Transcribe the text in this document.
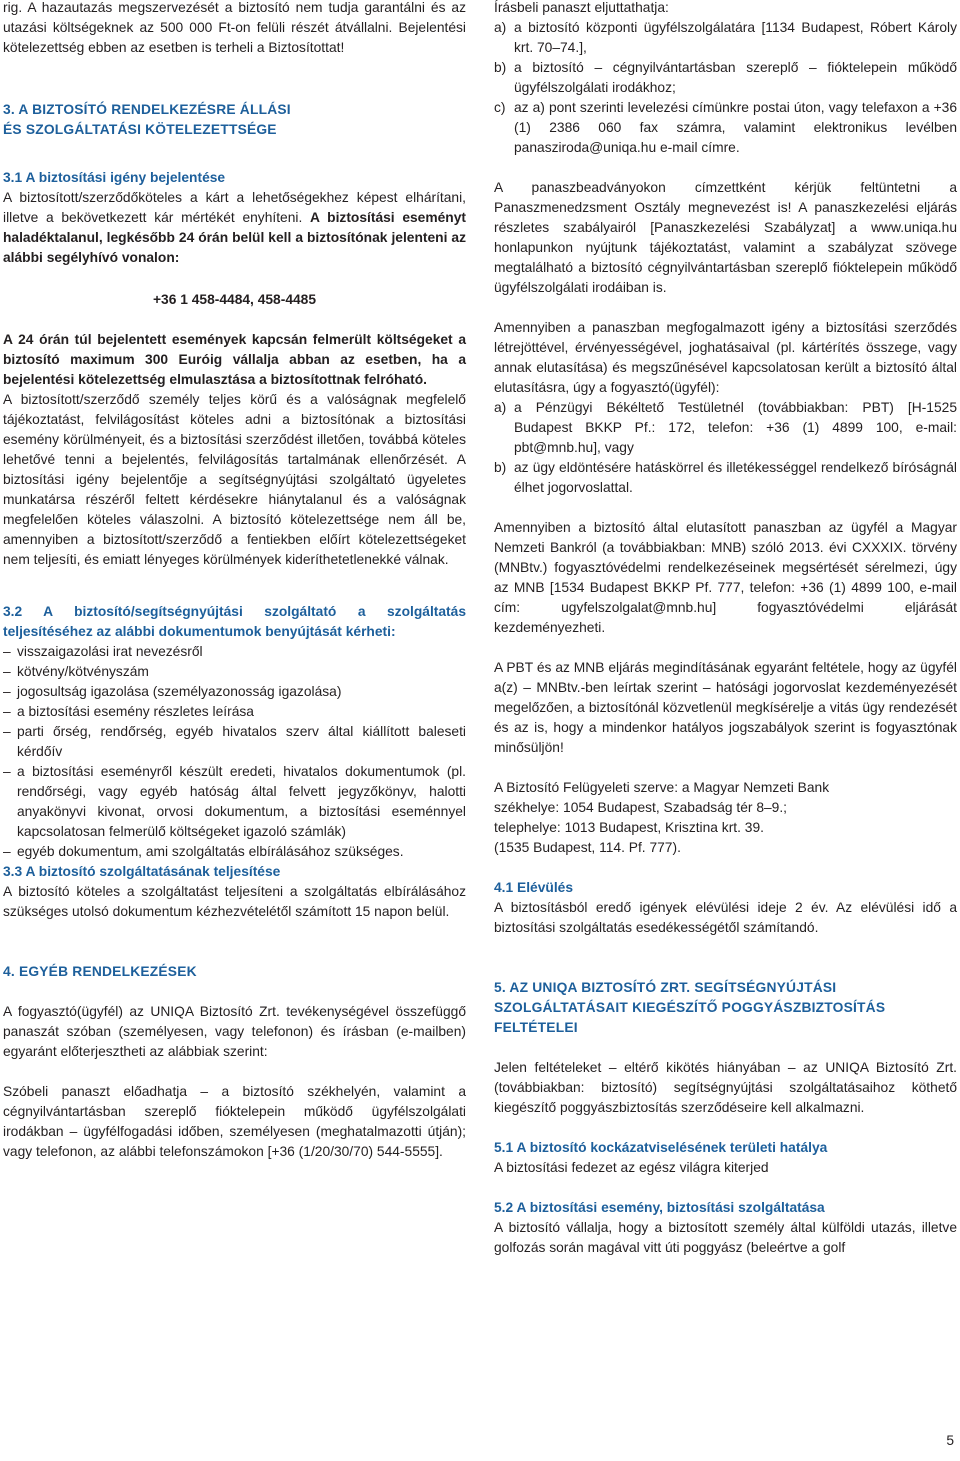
rig. A hazautazás megszervezését a biztosító nem tudja garantálni és az utazási költségeknek az 500 000 Ft-on felüli részét átvállalni. Bejelentési kötelezettség ebben az esetben is terheli a Biztosítottat!

3. A BIZTOSÍTÓ RENDELKEZÉSRE ÁLLÁSI
ÉS SZOLGÁLTATÁSI KÖTELEZETTSÉGE
3.1 A biztosítási igény bejelentése

A biztosított/szerződőköteles a kárt a lehetőségekhez képest elhárítani, illetve a bekövetkezett kár mértékét enyhíteni. A biztosítási eseményt haladéktalanul, legkésőbb 24 órán belül kell a biztosítónak jelenteni az alábbi segélyhívó vonalon:

+36 1 458-4484, 458-4485

A 24 órán túl bejelentett események kapcsán felmerült költségeket a biztosító maximum 300 Euróig vállalja abban az esetben, ha a bejelentési kötelezettség elmulasztása a biztosítottnak felróható.

A biztosított/szerződő személy teljes körű és a valóságnak megfelelő tájékoztatást, felvilágosítást köteles adni a biztosítónak a biztosítási esemény körülményeit, és a biztosítási szerződést illetően, továbbá köteles lehetővé tenni a bejelentés, felvilágosítás tartalmának ellenőrzését. A biztosítási igény bejelentője a segítségnyújtási szolgáltató ügyeletes munkatársa részéről feltett kérdésekre hiánytalanul és a valóságnak megfelelően köteles válaszolni. A biztosító kötelezettsége nem áll be, amennyiben a biztosított/szerződő a fentiekben előírt kötelezettségeket nem teljesíti, és emiatt lényeges körülmények kideríthetetlenekké válnak.

3.2 A biztosító/segítségnyújtási szolgáltató a szolgáltatás teljesítéséhez az alábbi dokumentumok benyújtását kérheti:
– visszaigazolási irat nevezésről
– kötvény/kötvényszám
– jogosultság igazolása (személyazonosság igazolása)
– a biztosítási esemény részletes leírása
– parti őrség, rendőrség, egyéb hivatalos szerv által kiállított baleseti kérdőív
– a biztosítási eseményről készült eredeti, hivatalos dokumentumok (pl. rendőrségi, vagy egyéb hatóság által felvett jegyzőkönyv, halotti anyakönyvi kivonat, orvosi dokumentum, a biztosítási eseménnyel kapcsolatosan felmerülő költségeket igazoló számlák)
– egyéb dokumentum, ami szolgáltatás elbírálásához szükséges.
3.3 A biztosító szolgáltatásának teljesítése

A biztosító köteles a szolgáltatást teljesíteni a szolgáltatás elbírálásához szükséges utolsó dokumentum kézhezvételétől számított 15 napon belül.

4. EGYÉB RENDELKEZÉSEK

A fogyasztó(ügyfél) az UNIQA Biztosító Zrt. tevékenységével összefüggő panaszát szóban (személyesen, vagy telefonon) és írásban (e-mailben) egyaránt előterjesztheti az alábbiak szerint:

Szóbeli panaszt előadhatja – a biztosító székhelyén, valamint a cégnyilvántartásban szereplő fióktelepein működő ügyfélszolgálati irodákban – ügyfélfogadási időben, személyesen (meghatalmazotti útján); vagy telefonon, az alábbi telefonszámokon [+36 (1/20/30/70) 544-5555].

Írásbeli panaszt eljuttathatja:

a) a biztosító központi ügyfélszolgálatára [1134 Budapest, Róbert Károly krt. 70–74.],
b) a biztosító – cégnyilvántartásban szereplő – fióktelepein működő ügyfélszolgálati irodákhoz;
c) az a) pont szerinti levelezési címünkre postai úton, vagy telefaxon a +36 (1) 2386 060 fax számra, valamint elektronikus levélben panasziroda@uniqa.hu e-mail címre.

A panaszbeadványokon címzettként kérjük feltüntetni a Panaszmenedzsment Osztály megnevezést is! A panaszkezelési eljárás részletes szabályairól [Panaszkezelési Szabályzat] a www.uniqa.hu honlapunkon nyújtunk tájékoztatást, valamint a szabályzat szövege megtalálható a biztosító cégnyilvántartásban szereplő fióktelepein működő ügyfélszolgálati irodáiban is.

Amennyiben a panaszban megfogalmazott igény a biztosítási szerződés létrejöttével, érvényességével, joghatásaival (pl. kártérítés összege, vagy annak elutasítása) és megszűnésével kapcsolatosan került a biztosító által elutasításra, úgy a fogyasztó(ügyfél):

a) a Pénzügyi Békéltető Testületnél (továbbiakban: PBT) [H-1525 Budapest BKKP Pf.: 172, telefon: +36 (1) 4899 100, e-mail: pbt@mnb.hu], vagy
b) az ügy eldöntésére hatáskörrel és illetékességgel rendelkező bíróságnál élhet jogorvoslattal.

Amennyiben a biztosító által elutasított panaszban az ügyfél a Magyar Nemzeti Bankról (a továbbiakban: MNB) szóló 2013. évi CXXXIX. törvény (MNBtv.) fogyasztóvédelmi rendelkezéseinek megsértését sérelmezi, úgy az MNB [1534 Budapest BKKP Pf. 777, telefon: +36 (1) 4899 100, e-mail cím: ugyfelszolgalat@mnb.hu] fogyasztóvédelmi eljárását kezdeményezheti.

A PBT és az MNB eljárás megindításának egyaránt feltétele, hogy az ügyfél a(z) – MNBtv.-ben leírtak szerint – hatósági jogorvoslat kezdeményezését megelőzően, a biztosítónál közvetlenül megkísérelje a vitás ügy rendezését és az is, hogy a mindenkor hatályos jogszabályok szerint is fogyasztónak minősüljön!

A Biztosító Felügyeleti szerve: a Magyar Nemzeti Bank
székhelye: 1054 Budapest, Szabadság tér 8–9.;
telephelye: 1013 Budapest, Krisztina krt. 39.
(1535 Budapest, 114. Pf. 777).
4.1 Elévülés

A biztosításból eredő igények elévülési ideje 2 év. Az elévülési idő a biztosítási szolgáltatás esedékességétől számítandó.

5. AZ UNIQA BIZTOSÍTÓ ZRT. SEGÍTSÉGNYÚJTÁSI SZOLGÁLTATÁSAIT KIEGÉSZÍTŐ POGGYÁSZBIZTOSÍTÁS FELTÉTELEI

Jelen feltételeket – eltérő kikötés hiányában – az UNIQA Biztosító Zrt. (továbbiakban: biztosító) segítségnyújtási szolgáltatásaihoz köthető kiegészítő poggyászbiztosítás szerződéseire kell alkalmazni.

5.1 A biztosító kockázatviselésének területi hatálya

A biztosítási fedezet az egész világra kiterjed

5.2 A biztosítási esemény, biztosítási szolgáltatása

A biztosító vállalja, hogy a biztosított személy által külföldi utazás, illetve golfozás során magával vitt úti poggyász (beleértve a golf

5
